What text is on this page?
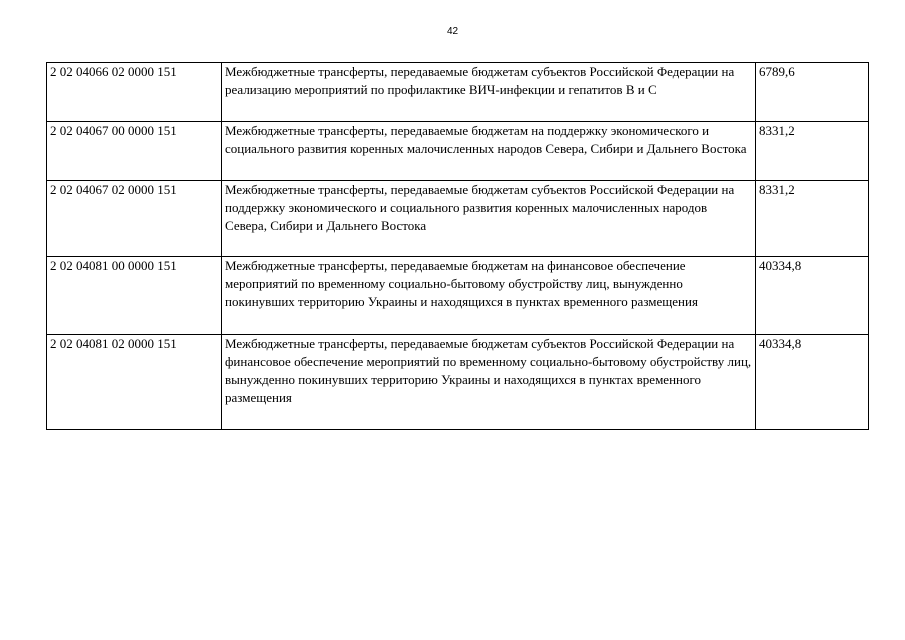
42
2 02 04066 02 0000 151	Межбюджетные трансферты, передаваемые бюджетам субъектов Российской Федерации на реализацию мероприятий по профилактике ВИЧ-инфекции и гепатитов В и С	6789,6
2 02 04067 00 0000 151	Межбюджетные трансферты, передаваемые бюджетам на поддержку экономического и социального развития коренных малочисленных народов Севера, Сибири и Дальнего Востока	8331,2
2 02 04067 02 0000 151	Межбюджетные трансферты, передаваемые бюджетам субъектов Российской Федерации на поддержку экономического и социального развития коренных малочисленных народов Севера, Сибири и Дальнего Востока	8331,2
2 02 04081 00 0000 151	Межбюджетные трансферты, передаваемые бюджетам на финансовое обеспечение мероприятий по временному социально-бытовому обустройству лиц, вынужденно покинувших территорию Украины и находящихся в пунктах временного размещения	40334,8
2 02 04081 02 0000 151	Межбюджетные трансферты, передаваемые бюджетам субъектов Российской Федерации на финансовое обеспечение мероприятий по временному социально-бытовому обустройству лиц, вынужденно покинувших территорию Украины и находящихся в пунктах временного размещения	40334,8
